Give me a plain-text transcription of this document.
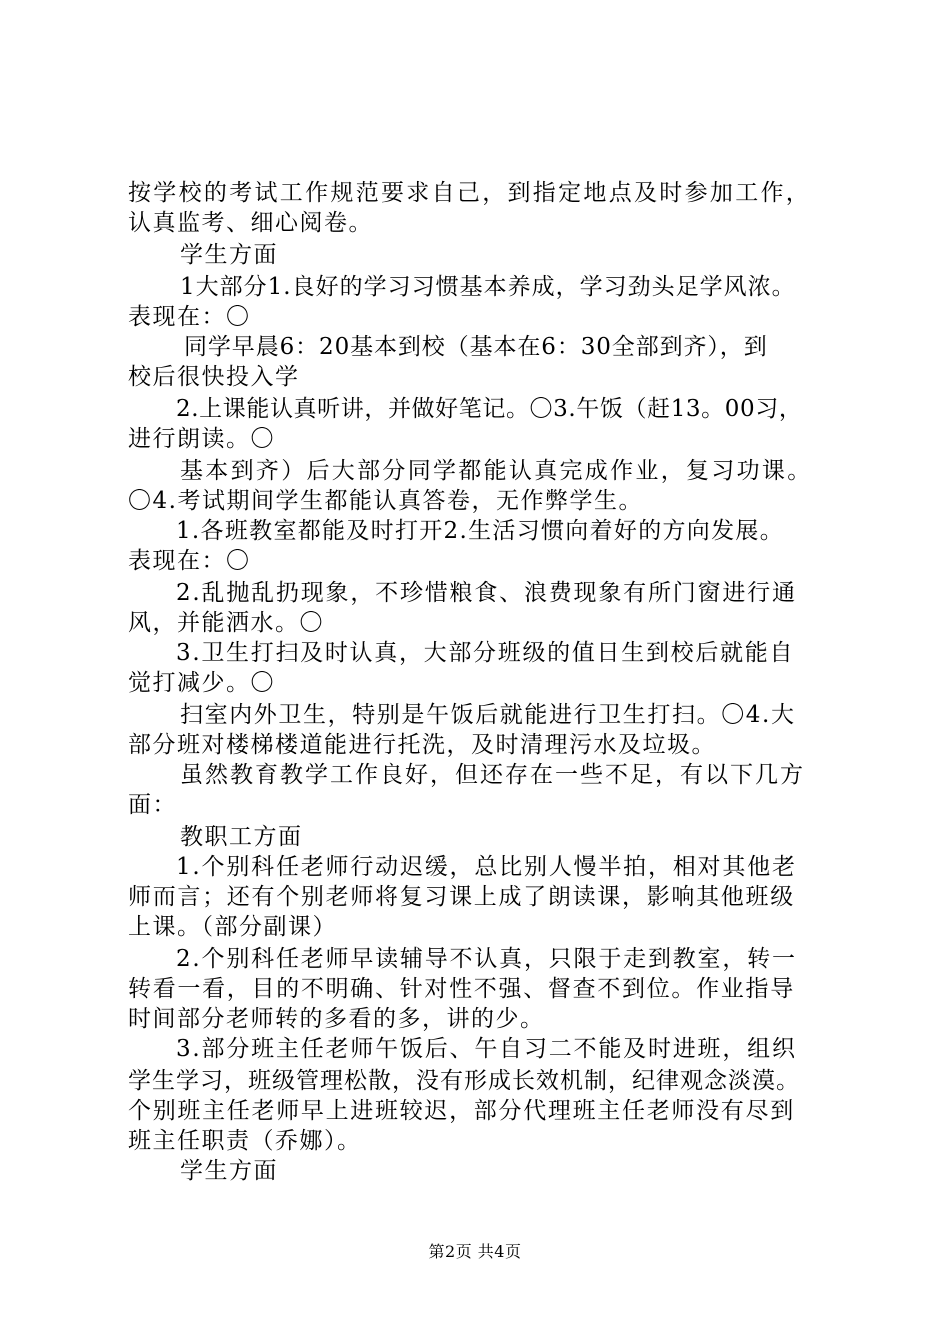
按学校的考试工作规范要求自己，到指定地点及时参加工作，
认真监考、细心阅卷。
学生方面
1大部分1.良好的学习习惯基本养成，学习劲头足学风浓。
表现在：〇
同学早晨6：20基本到校（基本在6：30全部到齐），到
校后很快投入学
2.上课能认真听讲，并做好笔记。〇3.午饭（赶13。00习，
进行朗读。〇
基本到齐）后大部分同学都能认真完成作业，复习功课。
〇4.考试期间学生都能认真答卷，无作弊学生。
1.各班教室都能及时打开2.生活习惯向着好的方向发展。
表现在：〇
2.乱抛乱扔现象，不珍惜粮食、浪费现象有所门窗进行通
风，并能洒水。〇
3.卫生打扫及时认真，大部分班级的值日生到校后就能自
觉打减少。〇
扫室内外卫生，特别是午饭后就能进行卫生打扫。〇4.大
部分班对楼梯楼道能进行托洗，及时清理污水及垃圾。
虽然教育教学工作良好，但还存在一些不足，有以下几方
面：
教职工方面
1.个别科任老师行动迟缓，总比别人慢半拍，相对其他老
师而言；还有个别老师将复习课上成了朗读课，影响其他班级
上课。（部分副课）
2.个别科任老师早读辅导不认真，只限于走到教室，转一
转看一看，目的不明确、针对性不强、督查不到位。作业指导
时间部分老师转的多看的多，讲的少。
3.部分班主任老师午饭后、午自习二不能及时进班，组织
学生学习，班级管理松散，没有形成长效机制，纪律观念淡漠。
个别班主任老师早上进班较迟，部分代理班主任老师没有尽到
班主任职责（乔娜）。
学生方面
第2页 共4页
